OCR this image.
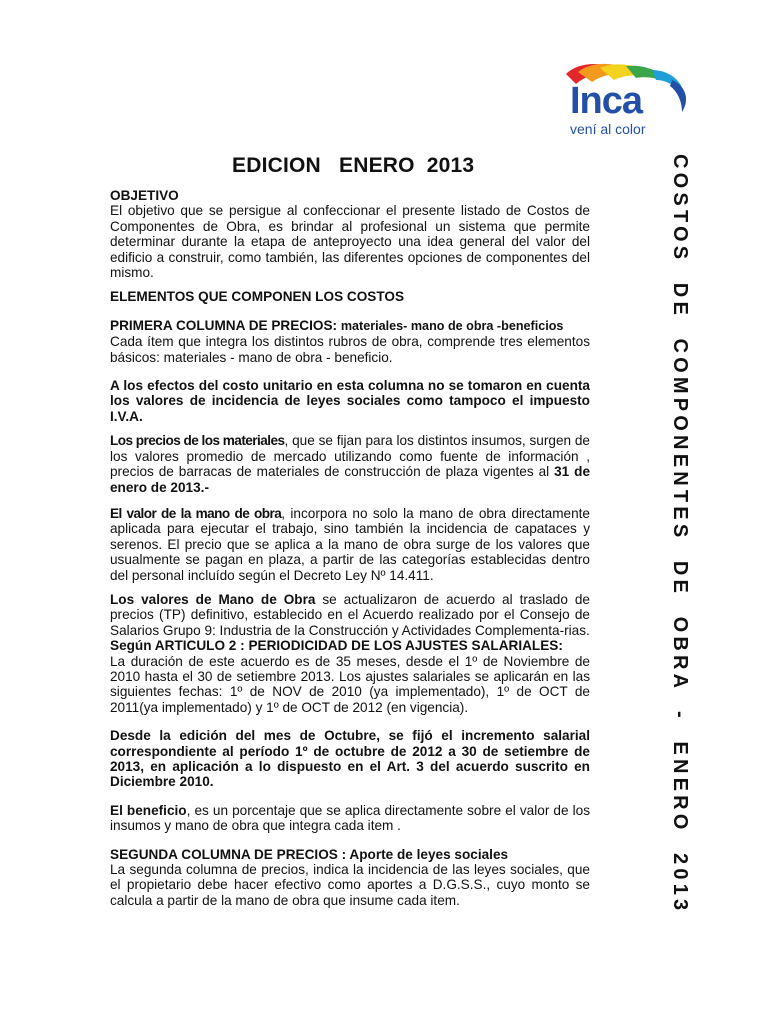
Inca
vení al color
EDICION   ENERO  2013	COSTOS  DE  COMPONENTES  DE  OBRA  -  ENERO  2013

OBJETIVO

El objetivo que se persigue al confeccionar el presente listado de Costos de Componentes de Obra, es brindar al profesional un sistema que permite determinar durante la etapa de anteproyecto una idea general del valor del edificio a construir, como también, las diferentes opciones de componentes del mismo.

ELEMENTOS QUE COMPONEN LOS COSTOS

PRIMERA COLUMNA DE PRECIOS: materiales- mano de obra -beneficios

Cada ítem que integra los distintos rubros de obra, comprende tres elementos básicos: materiales - mano de obra - beneficio.

A los efectos del costo unitario en esta columna no se tomaron en cuenta los valores de incidencia de leyes sociales como tampoco el impuesto I.V.A.

Los precios de los materiales, que se fijan para los distintos insumos, surgen de los valores promedio de mercado utilizando como fuente de información , precios de barracas de materiales de construcción de plaza vigentes al 31 de enero de 2013.-

El valor de la mano de obra, incorpora no solo la mano de obra directamente aplicada para ejecutar el trabajo, sino también la incidencia de capataces y serenos. El precio que se aplica a la mano de obra surge de los valores que usualmente se pagan en plaza, a partir de las categorías establecidas dentro del personal incluído según el Decreto Ley Nº 14.411.

Los valores de Mano de Obra se actualizaron de acuerdo al traslado de precios (TP) definitivo, establecido en el Acuerdo realizado por el Consejo de Salarios Grupo 9: Industria de la Construcción y Actividades Complementa-rias.

Según ARTICULO 2 : PERIODICIDAD DE LOS AJUSTES SALARIALES:

La duración de este acuerdo es de 35 meses, desde el 1º de Noviembre de 2010 hasta el 30 de setiembre 2013. Los ajustes salariales se aplicarán en las siguientes fechas: 1º de NOV de 2010 (ya implementado), 1º de OCT de 2011(ya implementado) y 1º de OCT de 2012 (en vigencia).

Desde la edición del mes de Octubre, se fijó el incremento salarial correspondiente al período 1º de octubre de 2012 a 30 de setiembre de 2013, en aplicación a lo dispuesto en el Art. 3 del acuerdo suscrito en Diciembre 2010.

El beneficio, es un porcentaje que se aplica directamente sobre el valor de los insumos y mano de obra que integra cada item .

SEGUNDA COLUMNA DE PRECIOS : Aporte de leyes sociales

La segunda columna de precios, indica la incidencia de las leyes sociales, que el propietario debe hacer efectivo como aportes a D.G.S.S., cuyo monto se calcula a partir de la mano de obra que insume cada item.
